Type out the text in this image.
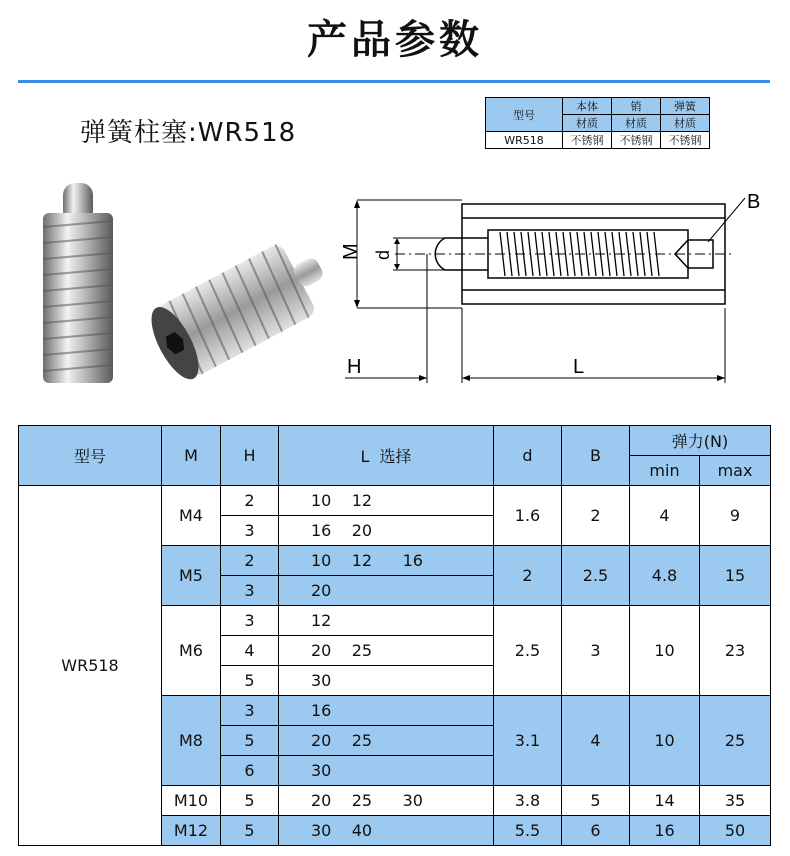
产品参数
弹簧柱塞:WR518
型号	本体	销	弹簧
	材质	材质	材质
WR518	不锈钢	不锈钢	不锈钢
M d
B
H	L
型号	M	H	L  选择	d	B	弹力(N)	
						min	max
WR518	M4	2	10    12	1.6	2	4	9
		3	16    20				
	M5	2	10    12      16	2	2.5	4.8	15
		3	20				
	M6	3	12	2.5	3	10	23
		4	20    25				
		5	30				
	M8	3	16	3.1	4	10	25
		5	20    25				
		6	30				
	M10	5	20    25      30	3.8	5	14	35
	M12	5	30    40	5.5	6	16	50
